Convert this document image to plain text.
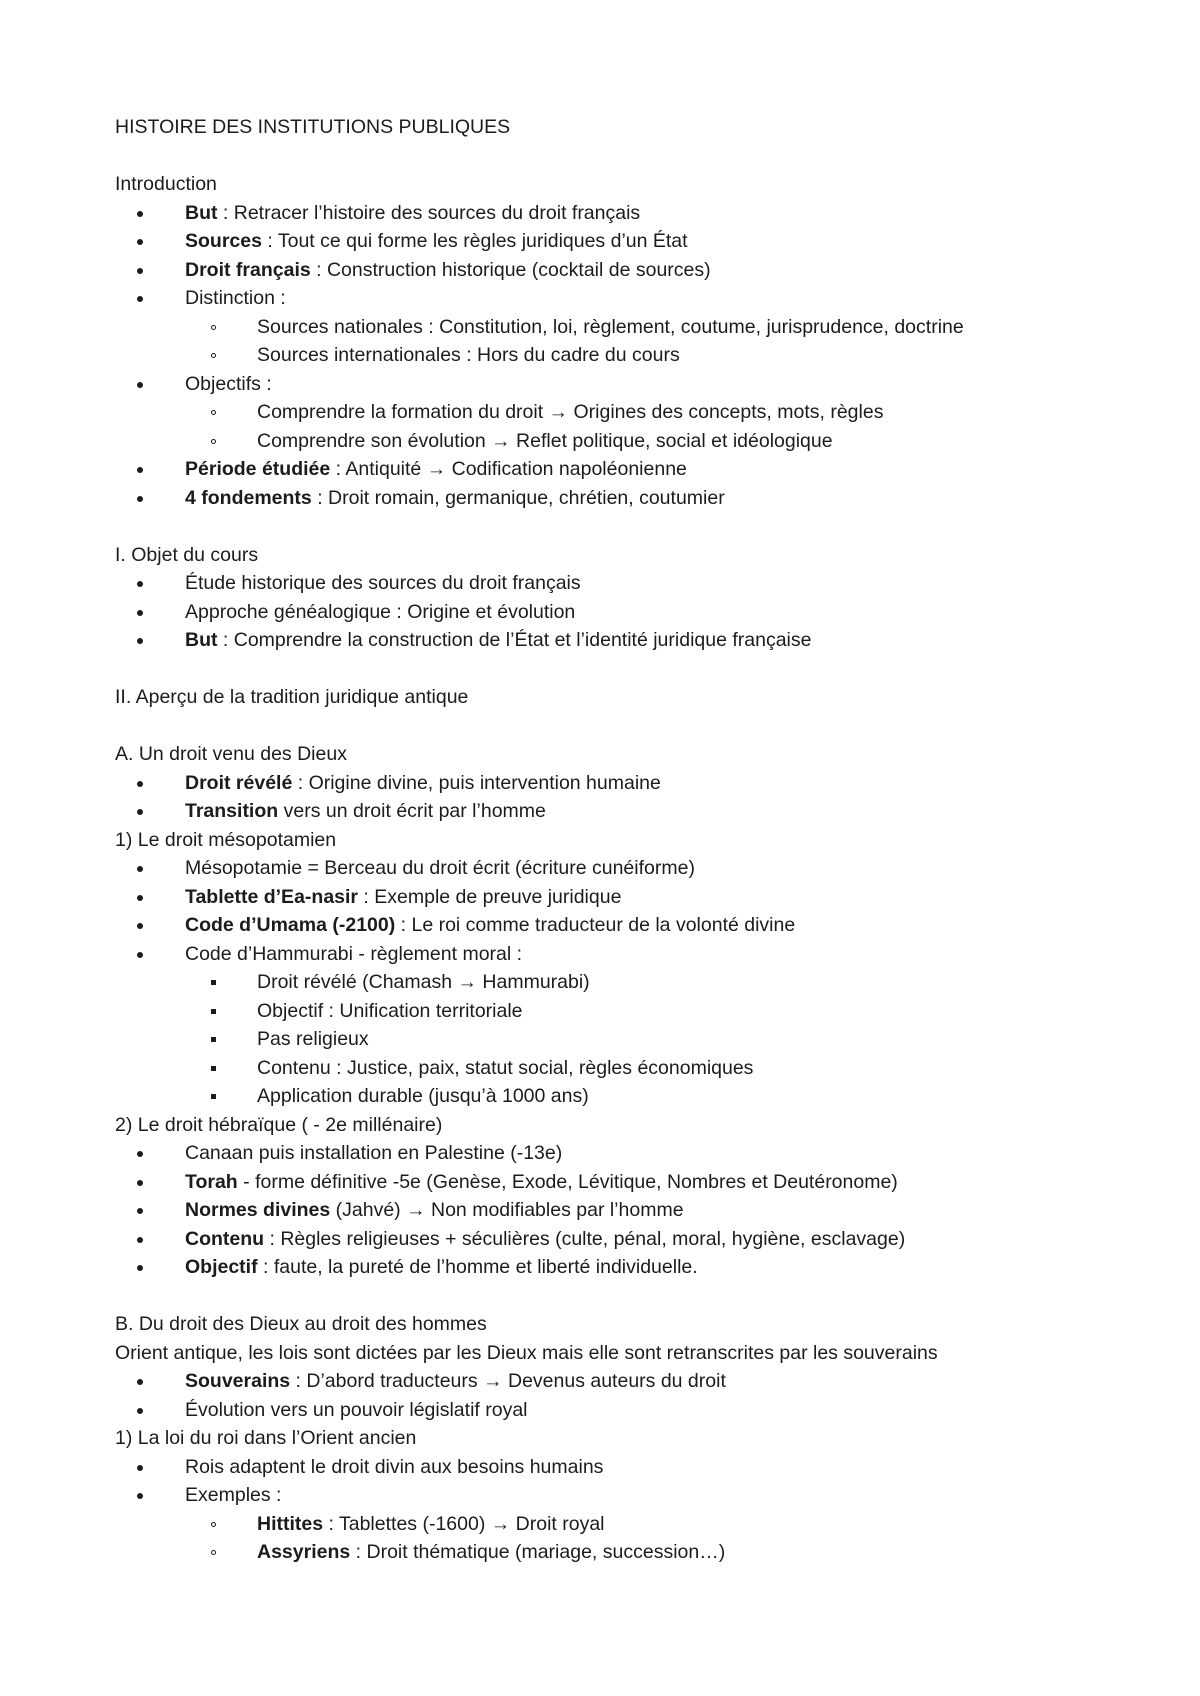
HISTOIRE DES INSTITUTIONS PUBLIQUES
Introduction
But : Retracer l’histoire des sources du droit français
Sources : Tout ce qui forme les règles juridiques d’un État
Droit français : Construction historique (cocktail de sources)
Distinction :
Sources nationales : Constitution, loi, règlement, coutume, jurisprudence, doctrine
Sources internationales : Hors du cadre du cours
Objectifs :
Comprendre la formation du droit → Origines des concepts, mots, règles
Comprendre son évolution → Reflet politique, social et idéologique
Période étudiée : Antiquité → Codification napoléonienne
4 fondements : Droit romain, germanique, chrétien, coutumier
I. Objet du cours
Étude historique des sources du droit français
Approche généalogique : Origine et évolution
But : Comprendre la construction de l’État et l’identité juridique française
II. Aperçu de la tradition juridique antique
A. Un droit venu des Dieux
Droit révélé : Origine divine, puis intervention humaine
Transition vers un droit écrit par l’homme
1) Le droit mésopotamien
Mésopotamie = Berceau du droit écrit (écriture cunéiforme)
Tablette d’Ea-nasir : Exemple de preuve juridique
Code d’Umama (-2100) : Le roi comme traducteur de la volonté divine
Code d’Hammurabi - règlement moral :
Droit révélé (Chamash → Hammurabi)
Objectif : Unification territoriale
Pas religieux
Contenu : Justice, paix, statut social, règles économiques
Application durable (jusqu’à 1000 ans)
2) Le droit hébraïque ( - 2e millénaire)
Canaan puis installation en Palestine (-13e)
Torah - forme définitive -5e (Genèse, Exode, Lévitique, Nombres et Deutéronome)
Normes divines (Jahvé) → Non modifiables par l’homme
Contenu : Règles religieuses + séculières (culte, pénal, moral, hygiène, esclavage)
Objectif : faute, la pureté de l’homme et liberté individuelle.
B. Du droit des Dieux au droit des hommes
Orient antique, les lois sont dictées par les Dieux mais elle sont retranscrites par les souverains
Souverains : D’abord traducteurs → Devenus auteurs du droit
Évolution vers un pouvoir législatif royal
1) La loi du roi dans l’Orient ancien
Rois adaptent le droit divin aux besoins humains
Exemples :
Hittites : Tablettes (-1600) → Droit royal
Assyriens : Droit thématique (mariage, succession…)
